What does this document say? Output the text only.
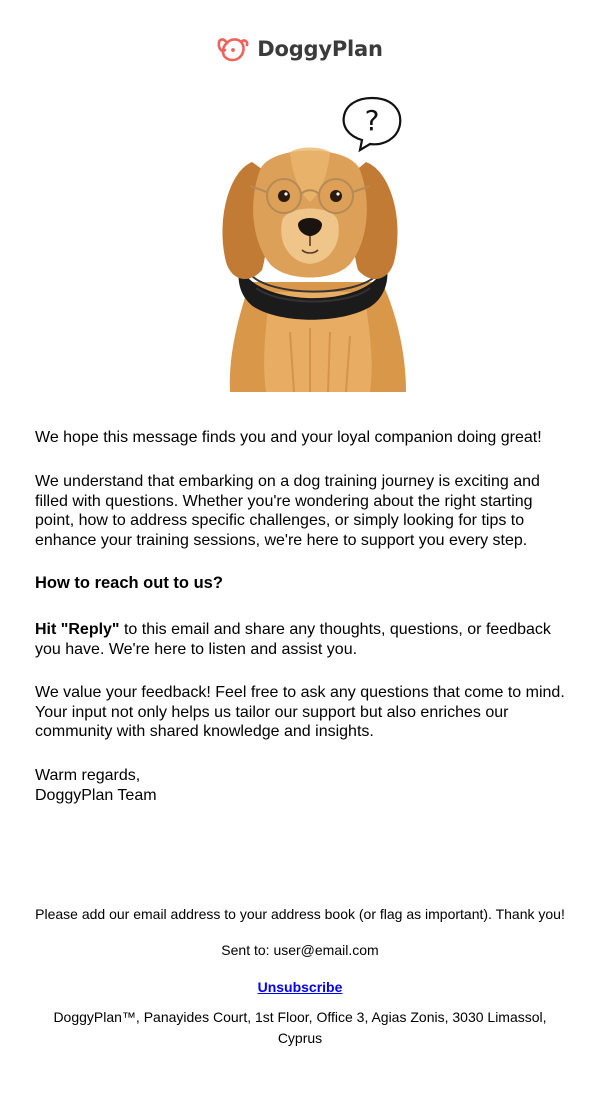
DoggyPlan
?

We hope this message finds you and your loyal companion doing great!

We understand that embarking on a dog training journey is exciting and filled with questions. Whether you're wondering about the right starting point, how to address specific challenges, or simply looking for tips to enhance your training sessions, we're here to support you every step.

How to reach out to us?

Hit "Reply" to this email and share any thoughts, questions, or feedback you have. We're here to listen and assist you.

We value your feedback! Feel free to ask any questions that come to mind. Your input not only helps us tailor our support but also enriches our community with shared knowledge and insights.

Warm regards,

DoggyPlan Team

Please add our email address to your address book (or flag as important). Thank you!
Sent to: user@email.com
Unsubscribe
DoggyPlan™, Panayides Court, 1st Floor, Office 3, Agias Zonis, 3030 Limassol, Cyprus
